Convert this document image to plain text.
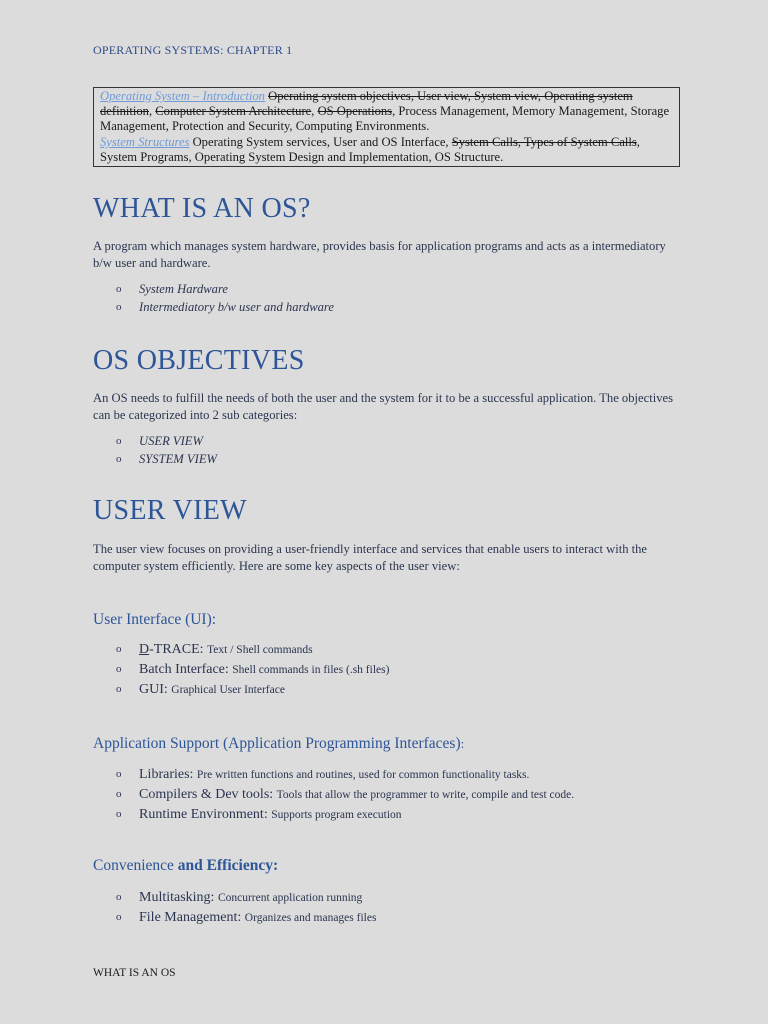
OPERATING SYSTEMS: CHAPTER 1
Operating System – Introduction Operating system objectives, User view, System view, Operating system definition, Computer System Architecture, OS Operations, Process Management, Memory Management, Storage Management, Protection and Security, Computing Environments.
System Structures Operating System services, User and OS Interface, System Calls, Types of System Calls, System Programs, Operating System Design and Implementation, OS Structure.
WHAT IS AN OS?

A program which manages system hardware, provides basis for application programs and acts as a intermediatory b/w user and hardware.

o System Hardware
o Intermediatory b/w user and hardware
OS OBJECTIVES

An OS needs to fulfill the needs of both the user and the system for it to be a successful application. The objectives can be categorized into 2 sub categories:

o USER VIEW
o SYSTEM VIEW
USER VIEW

The user view focuses on providing a user-friendly interface and services that enable users to interact with the computer system efficiently. Here are some key aspects of the user view:

User Interface (UI):
o D-TRACE: Text / Shell commands
o Batch Interface: Shell commands in files (.sh files)
o GUI: Graphical User Interface
Application Support (Application Programming Interfaces):
o Libraries: Pre written functions and routines, used for common functionality tasks.
o Compilers & Dev tools: Tools that allow the programmer to write, compile and test code.
o Runtime Environment: Supports program execution
Convenience and Efficiency:
o Multitasking: Concurrent application running
o File Management: Organizes and manages files
WHAT IS AN OS
